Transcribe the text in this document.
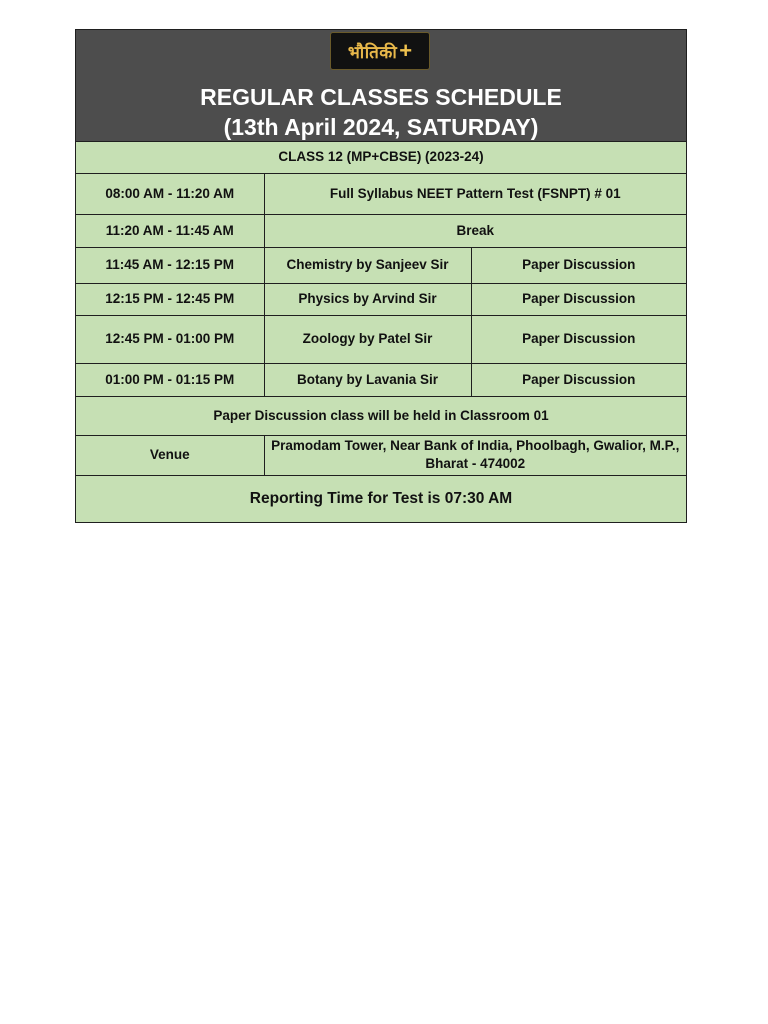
भौतिकी +
REGULAR CLASSES SCHEDULE
(13th April 2024, SATURDAY)
CLASS 12 (MP+CBSE) (2023-24)		
08:00 AM - 11:20 AM	Full Syllabus NEET Pattern Test (FSNPT) # 01	
11:20 AM - 11:45 AM	Break	
11:45 AM - 12:15 PM	Chemistry by Sanjeev Sir	Paper Discussion
12:15 PM - 12:45 PM	Physics by Arvind Sir	Paper Discussion
12:45 PM - 01:00 PM	Zoology by Patel Sir	Paper Discussion
01:00 PM - 01:15 PM	Botany by Lavania Sir	Paper Discussion
Paper Discussion class will be held in Classroom 01		
Venue	Pramodam Tower, Near Bank of India, Phoolbagh, Gwalior, M.P.,
Bharat - 474002	

Reporting Time for Test is 07:30 AM		
